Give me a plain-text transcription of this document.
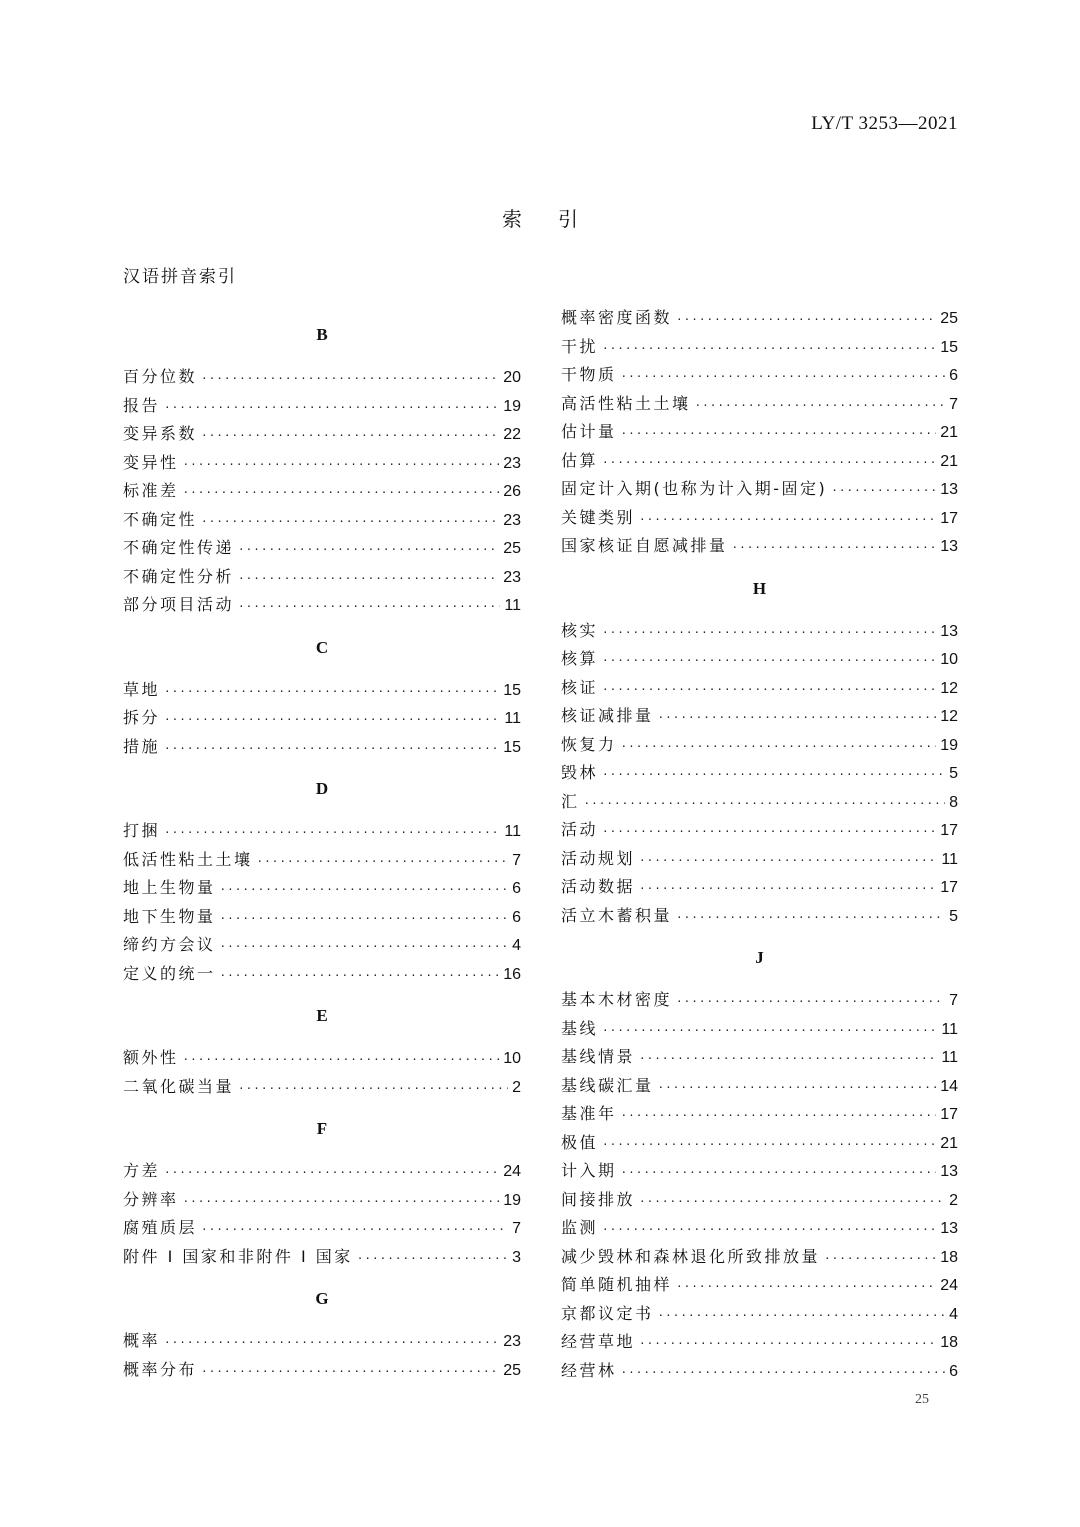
LY/T 3253—2021
索引
汉语拼音索引
B
百分位数 ·····	20
报告 ·····	19
变异系数 ·····	22
变异性 ·····	23
标准差 ·····	26
不确定性 ·····	23
不确定性传递 ·····	25
不确定性分析 ·····	23
部分项目活动 ·····	11
C
草地 ·····	15
拆分 ·····	11
措施 ·····	15
D
打捆 ·····	11
低活性粘土土壤 ·····	7
地上生物量 ·····	6
地下生物量 ·····	6
缔约方会议 ·····	4
定义的统一 ·····	16
E
额外性 ·····	10
二氧化碳当量 ·····	2
F
方差 ·····	24
分辨率 ·····	19
腐殖质层 ·····	7
附件 I 国家和非附件 I 国家 ·····	3
G
概率 ·····	23
概率分布 ·····	25
概率密度函数 ·····	25
干扰 ·····	15
干物质 ·····	6
高活性粘土土壤 ·····	7
估计量 ·····	21
估算 ·····	21
固定计入期(也称为计入期-固定) ·····	13
关键类别 ·····	17
国家核证自愿减排量 ·····	13
H
核实 ·····	13
核算 ·····	10
核证 ·····	12
核证减排量 ·····	12
恢复力 ·····	19
毁林 ·····	5
汇 ·····	8
活动 ·····	17
活动规划 ·····	11
活动数据 ·····	17
活立木蓄积量 ·····	5
J
基本木材密度 ·····	7
基线 ·····	11
基线情景 ·····	11
基线碳汇量 ·····	14
基准年 ·····	17
极值 ·····	21
计入期 ·····	13
间接排放 ·····	2
监测 ·····	13
减少毁林和森林退化所致排放量 ·····	18
简单随机抽样 ·····	24
京都议定书 ·····	4
经营草地 ·····	18
经营林 ·····	6
25
